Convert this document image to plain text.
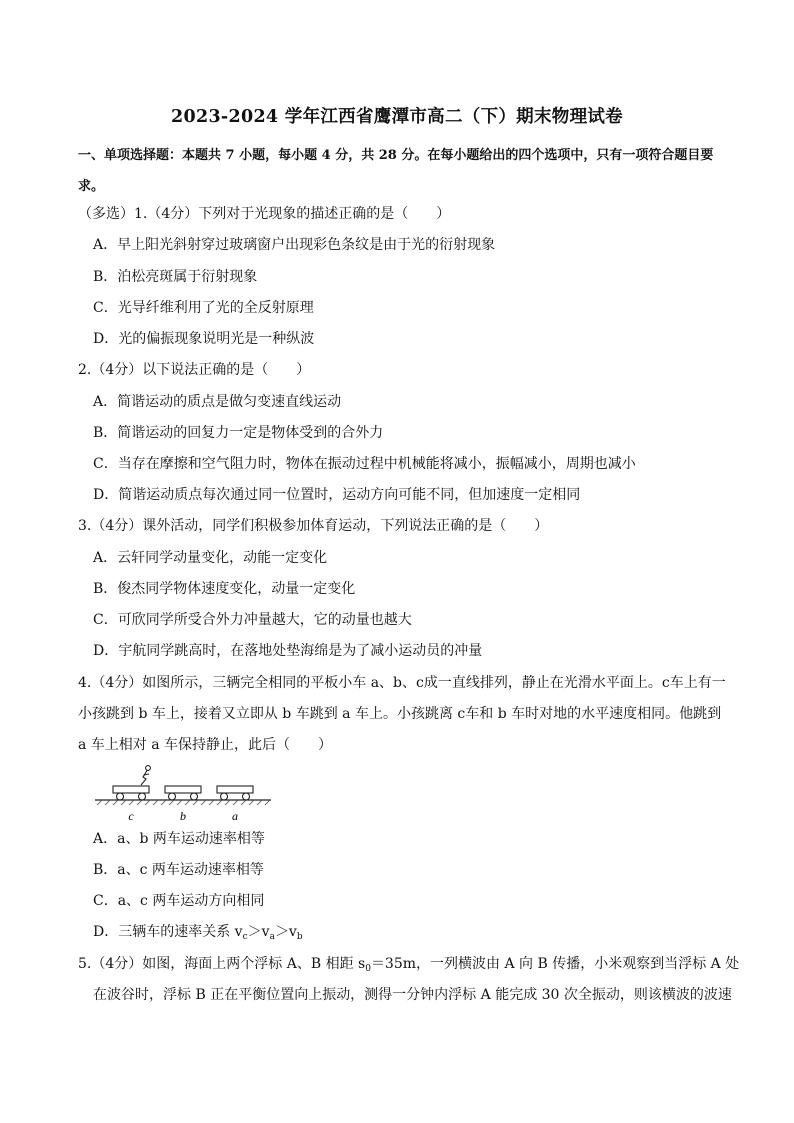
2023-2024 学年江西省鹰潭市高二（下）期末物理试卷
一、单项选择题：本题共 7 小题，每小题 4 分，共 28 分。在每小题给出的四个选项中，只有一项符合题目要求。
（多选）1.（4分）下列对于光现象的描述正确的是（　　）
A．早上阳光斜射穿过玻璃窗户出现彩色条纹是由于光的衍射现象
B．泊松亮斑属于衍射现象
C．光导纤维利用了光的全反射原理
D．光的偏振现象说明光是一种纵波
2.（4分）以下说法正确的是（　　）
A．简谐运动的质点是做匀变速直线运动
B．简谐运动的回复力一定是物体受到的合外力
C．当存在摩擦和空气阻力时，物体在振动过程中机械能将减小，振幅减小，周期也减小
D．简谐运动质点每次通过同一位置时，运动方向可能不同，但加速度一定相同
3.（4分）课外活动，同学们积极参加体育运动，下列说法正确的是（　　）
A．云轩同学动量变化，动能一定变化
B．俊杰同学物体速度变化，动量一定变化
C．可欣同学所受合外力冲量越大，它的动量也越大
D．宇航同学跳高时，在落地处垫海绵是为了减小运动员的冲量
4.（4分）如图所示，三辆完全相同的平板小车 a、b、c成一直线排列，静止在光滑水平面上。c车上有一
小孩跳到 b 车上，接着又立即从 b 车跳到 a 车上。小孩跳离 c车和 b 车时对地的水平速度相同。他跳到
a 车上相对 a 车保持静止，此后（　　）
c	b	a
A．a、b 两车运动速率相等
B．a、c 两车运动速率相等
C．a、c 两车运动方向相同
D．三辆车的速率关系 $v_c>v_a>v_b$
5.（4分）如图，海面上两个浮标 A、B 相距 $s_0=35m$，一列横波由 A 向 B 传播，小米观察到当浮标 A 处
在波谷时，浮标 B 正在平衡位置向上振动，测得一分钟内浮标 A 能完成 30 次全振动，则该横波的波速
